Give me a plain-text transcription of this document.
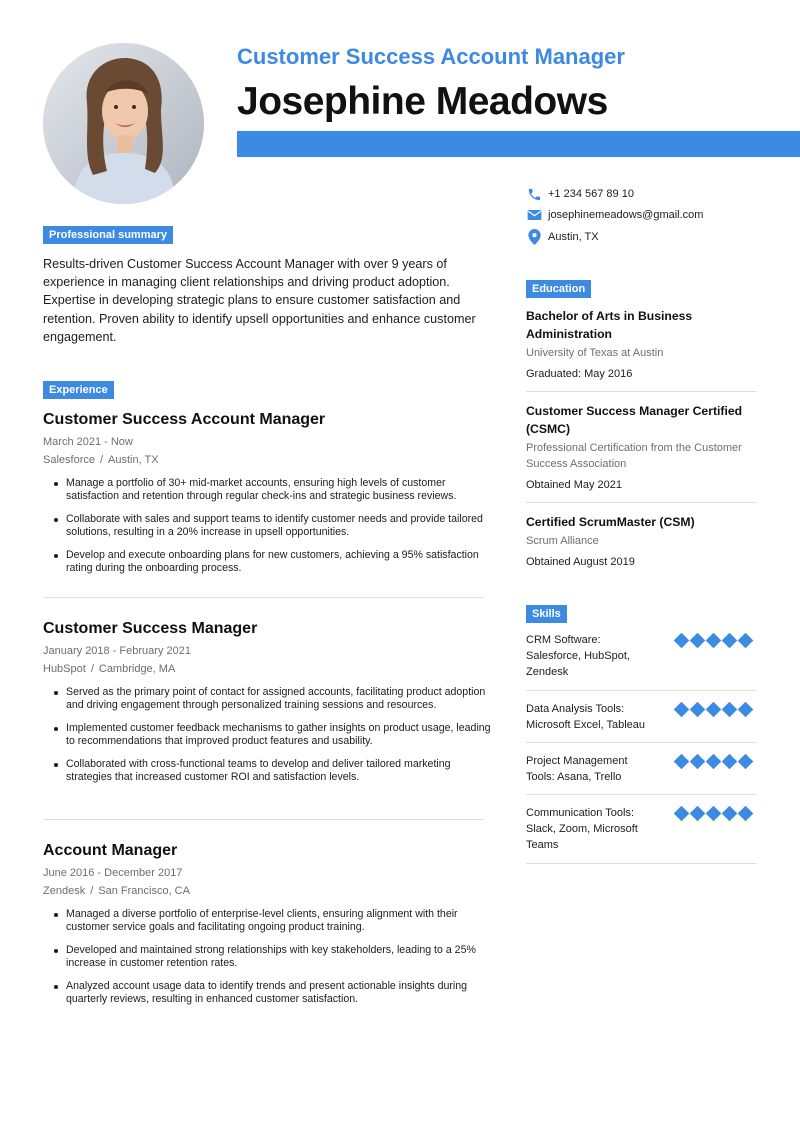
Customer Success Account Manager
Josephine Meadows
+1 234 567 89 10
josephinemeadows@gmail.com
Austin, TX
Professional summary
Results-driven Customer Success Account Manager with over 9 years of experience in managing client relationships and driving product adoption. Expertise in developing strategic plans to ensure customer satisfaction and retention. Proven ability to identify upsell opportunities and enhance customer engagement.
Experience
Customer Success Account Manager
March 2021 - Now
Salesforce / Austin, TX
Manage a portfolio of 30+ mid-market accounts, ensuring high levels of customer satisfaction and retention through regular check-ins and strategic business reviews.
Collaborate with sales and support teams to identify customer needs and provide tailored solutions, resulting in a 20% increase in upsell opportunities.
Develop and execute onboarding plans for new customers, achieving a 95% satisfaction rating during the onboarding process.
Customer Success Manager
January 2018 - February 2021
HubSpot / Cambridge, MA
Served as the primary point of contact for assigned accounts, facilitating product adoption and driving engagement through personalized training sessions and resources.
Implemented customer feedback mechanisms to gather insights on product usage, leading to recommendations that improved product features and usability.
Collaborated with cross-functional teams to develop and deliver tailored marketing strategies that increased customer ROI and satisfaction levels.
Account Manager
June 2016 - December 2017
Zendesk / San Francisco, CA
Managed a diverse portfolio of enterprise-level clients, ensuring alignment with their customer service goals and facilitating ongoing product training.
Developed and maintained strong relationships with key stakeholders, leading to a 25% increase in customer retention rates.
Analyzed account usage data to identify trends and present actionable insights during quarterly reviews, resulting in enhanced customer satisfaction.
Education
Bachelor of Arts in Business Administration
University of Texas at Austin
Graduated: May 2016
Customer Success Manager Certified (CSMC)
Professional Certification from the Customer Success Association
Obtained May 2021
Certified ScrumMaster (CSM)
Scrum Alliance
Obtained August 2019
Skills
CRM Software: Salesforce, HubSpot, Zendesk
Data Analysis Tools: Microsoft Excel, Tableau
Project Management Tools: Asana, Trello
Communication Tools: Slack, Zoom, Microsoft Teams
